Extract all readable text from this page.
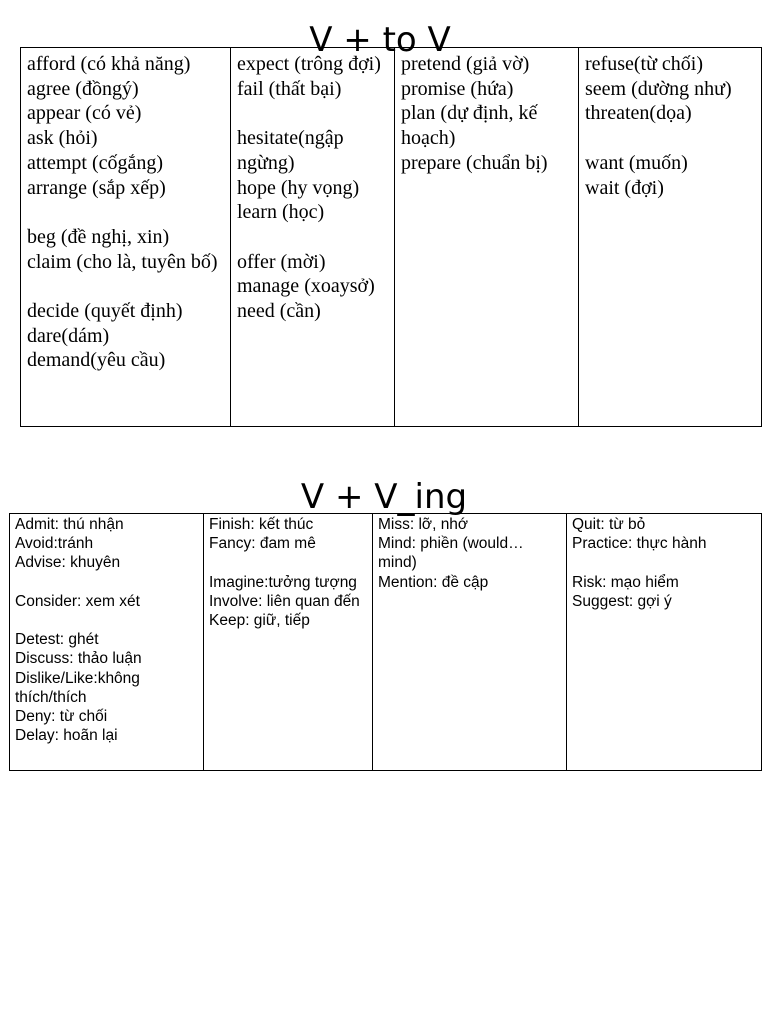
V + to V
afford (có khả năng)
agree (đồngý)
appear (có vẻ)
ask (hỏi)
attempt (cốgắng)
arrange (sắp xếp)
beg (đề nghị, xin)
claim (cho là, tuyên bố)
decide (quyết định)
dare(dám)
demand(yêu cầu)

expect (trông đợi)
fail (thất bại)
hesitate(ngập ngừng)
hope (hy vọng)
learn (học)
offer (mời)
manage (xoaysở)
need (cần)

pretend (giả vờ)
promise (hứa)
plan (dự định, kế hoạch)
prepare (chuẩn bị)

refuse(từ chối)
seem (dường như)
threaten(dọa)
want (muốn)
wait (đợi)
V + V_ing
Admit: thú nhận
Avoid:tránh
Advise: khuyên
Consider: xem xét
Detest: ghét
Discuss: thảo luận
Dislike/Like:không thích/thích
Deny: từ chối
Delay: hoãn lại

Finish: kết thúc
Fancy: đam mê
Imagine:tưởng tượng
Involve: liên quan đến
Keep: giữ, tiếp

Miss: lỡ, nhớ
Mind: phiền (would… mind)
Mention: đề cập

Quit: từ bỏ
Practice: thực hành
Risk: mạo hiểm
Suggest: gợi ý
